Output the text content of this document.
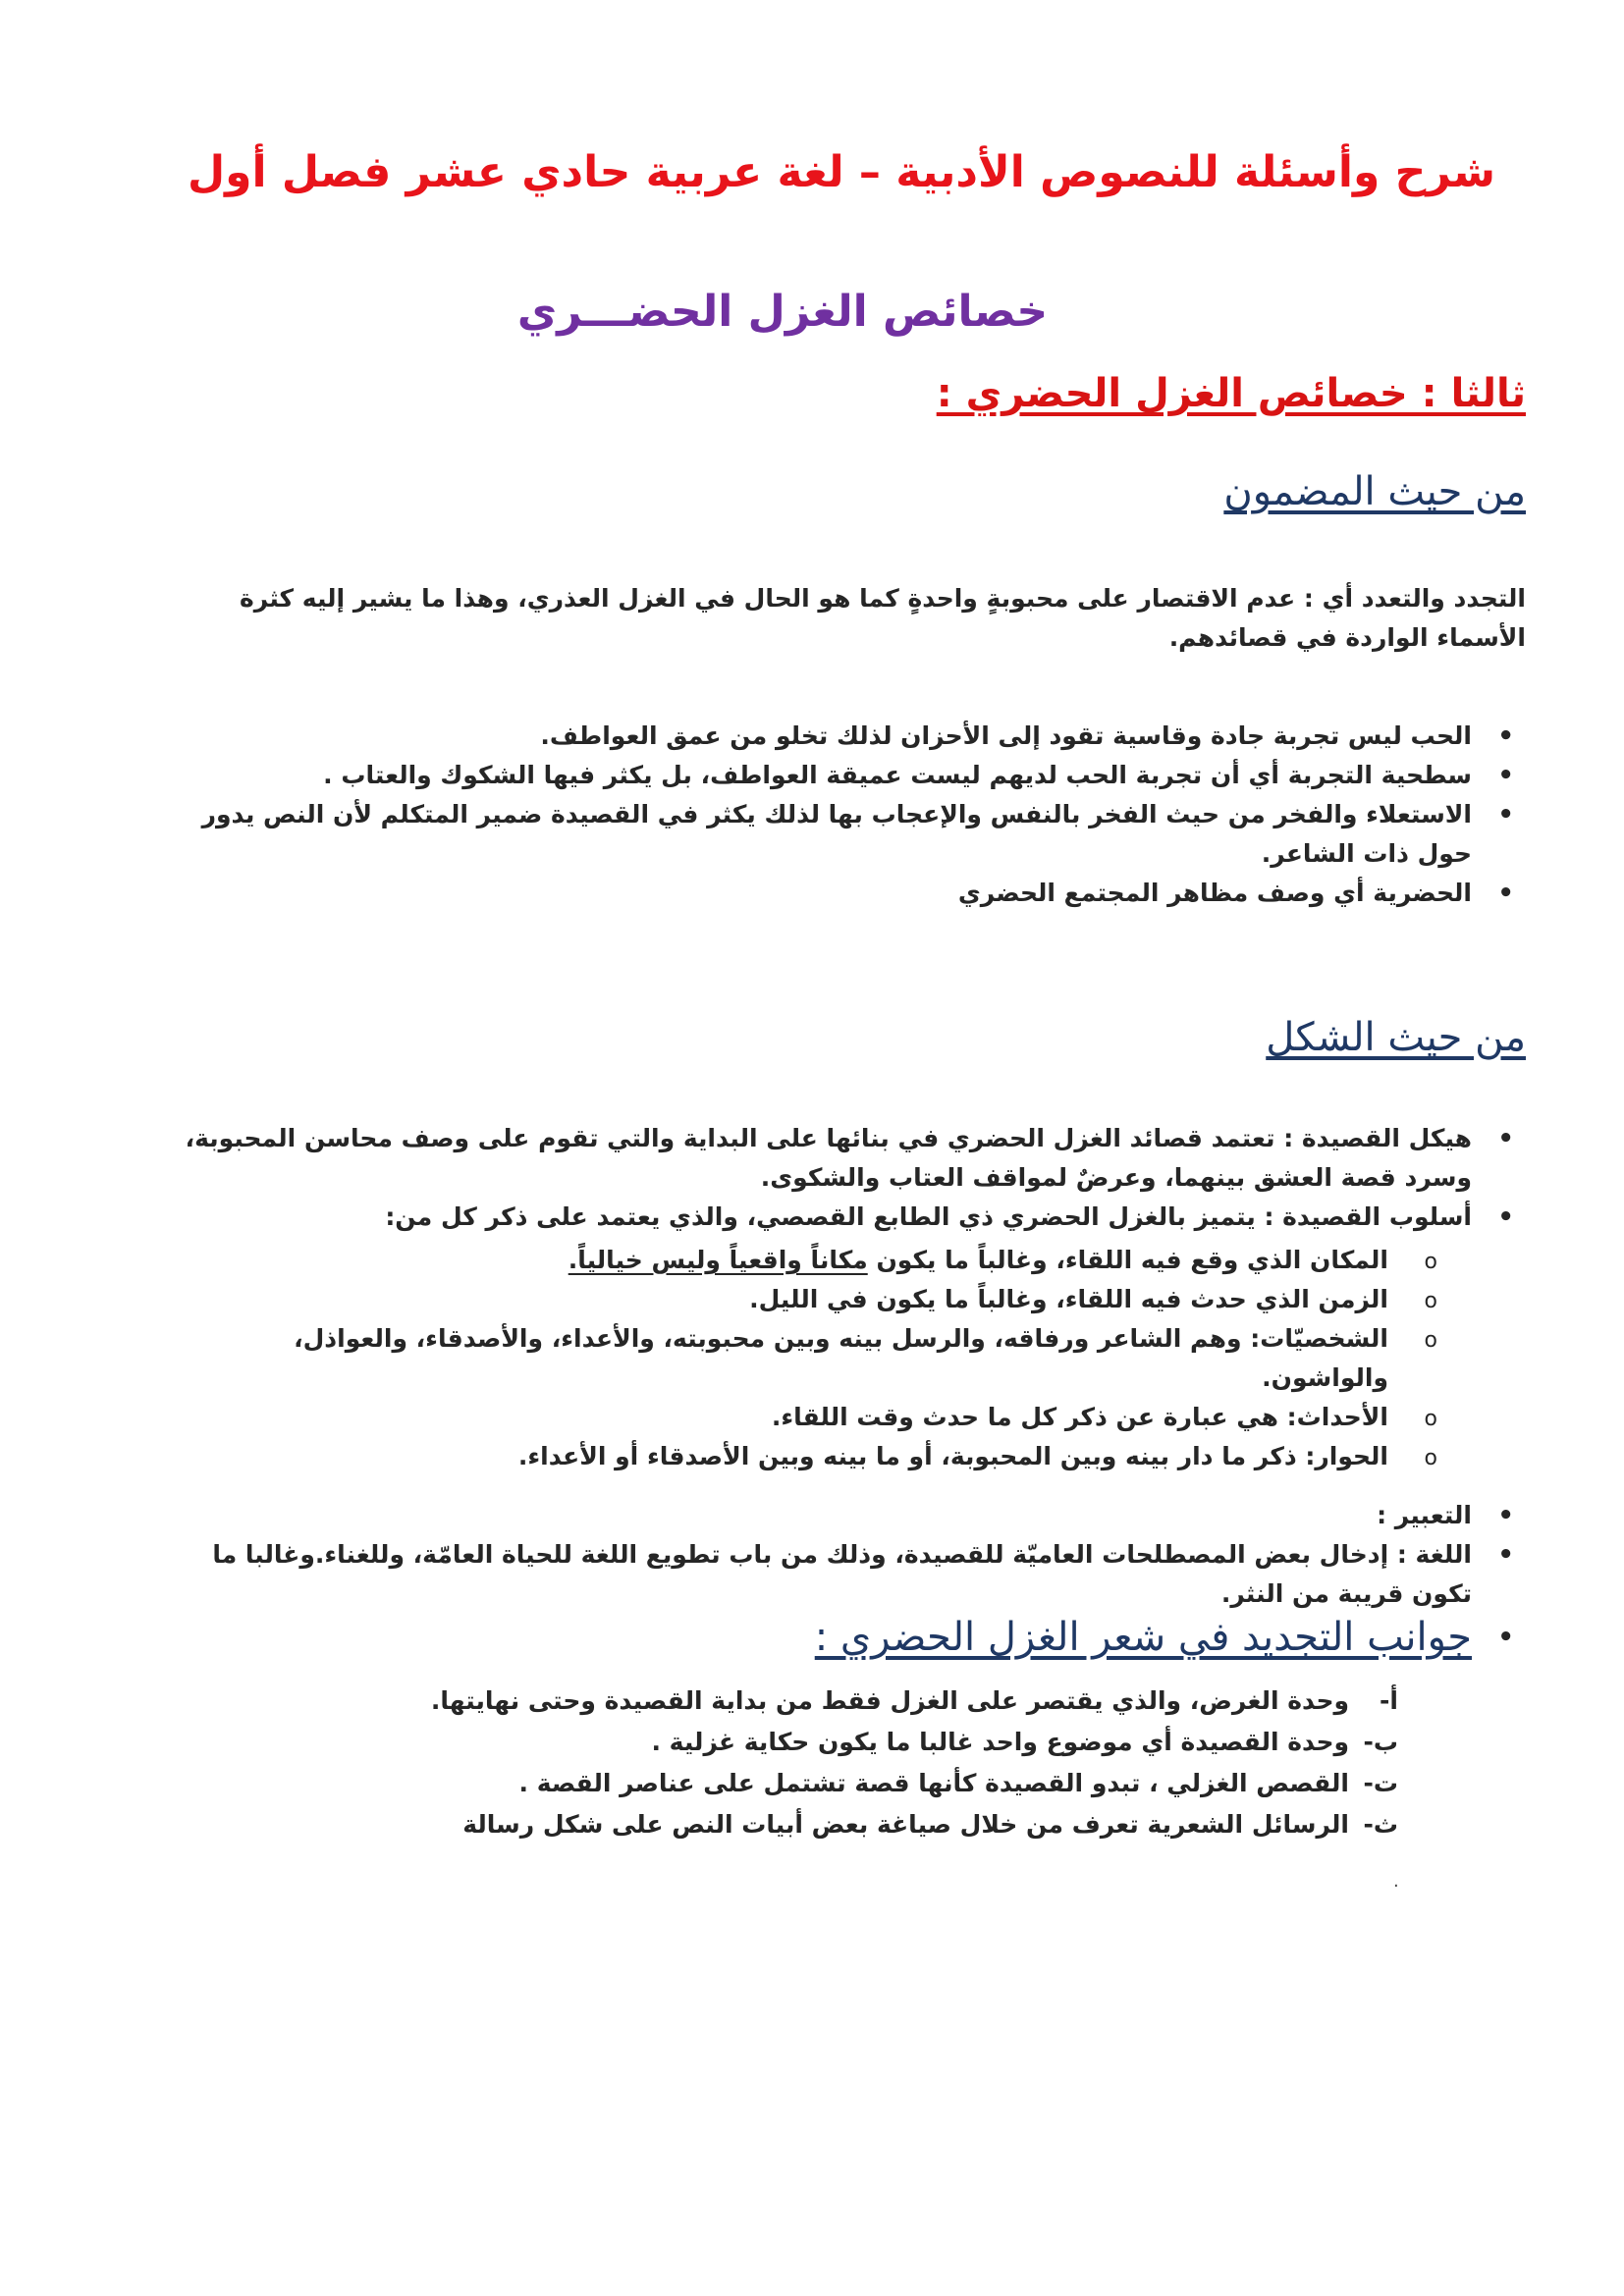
شرح وأسئلة للنصوص الأدبية – لغة عربية حادي عشر فصل أول
خصائص الغزل الحضـــري
ثالثا : خصائص الغزل الحضري :
من حيث المضمون
التجدد والتعدد أي : عدم الاقتصار على محبوبةٍ واحدةٍ كما هو الحال في الغزل العذري، وهذا ما يشير إليه كثرة الأسماء الواردة في قصائدهم.
• الحب ليس تجربة جادة وقاسية تقود إلى الأحزان لذلك تخلو من عمق العواطف.
• سطحية التجربة أي أن تجربة الحب لديهم ليست عميقة العواطف، بل يكثر فيها الشكوك والعتاب .
• الاستعلاء والفخر من حيث الفخر بالنفس والإعجاب بها لذلك يكثر في القصيدة ضمير المتكلم لأن النص يدور حول ذات الشاعر.
• الحضرية أي وصف مظاهر المجتمع الحضري
من حيث الشكل
• هيكل القصيدة : تعتمد قصائد الغزل الحضري في بنائها على البداية والتي تقوم على وصف محاسن المحبوبة، وسرد قصة العشق بينهما، وعرضٌ لمواقف العتاب والشكوى.
• أسلوب القصيدة : يتميز بالغزل الحضري ذي الطابع القصصي، والذي يعتمد على ذكر كل من:
o المكان الذي وقع فيه اللقاء، وغالباً ما يكون مكاناً واقعياً وليس خيالياً.
o الزمن الذي حدث فيه اللقاء، وغالباً ما يكون في الليل.
o الشخصيّات: وهم الشاعر ورفاقه، والرسل بينه وبين محبوبته، والأعداء، والأصدقاء، والعواذل، والواشون.
o الأحداث: هي عبارة عن ذكر كل ما حدث وقت اللقاء.
o الحوار: ذكر ما دار بينه وبين المحبوبة، أو ما بينه وبين الأصدقاء أو الأعداء.
• التعبير :
• اللغة : إدخال بعض المصطلحات العاميّة للقصيدة، وذلك من باب تطويع اللغة للحياة العامّة، وللغناء.وغالبا ما تكون قريبة من النثر.
• جوانب التجديد في شعر الغزل الحضري :
أ-
وحدة الغرض، والذي يقتصر على الغزل فقط من بداية القصيدة وحتى نهايتها.
ب-
وحدة القصيدة أي موضوع واحد غالبا ما يكون حكاية غزلية .
ت-
القصص الغزلي ، تبدو القصيدة كأنها قصة تشتمل على عناصر القصة .
ث-
الرسائل الشعرية تعرف من خلال صياغة بعض أبيات النص على شكل رسالة
.
